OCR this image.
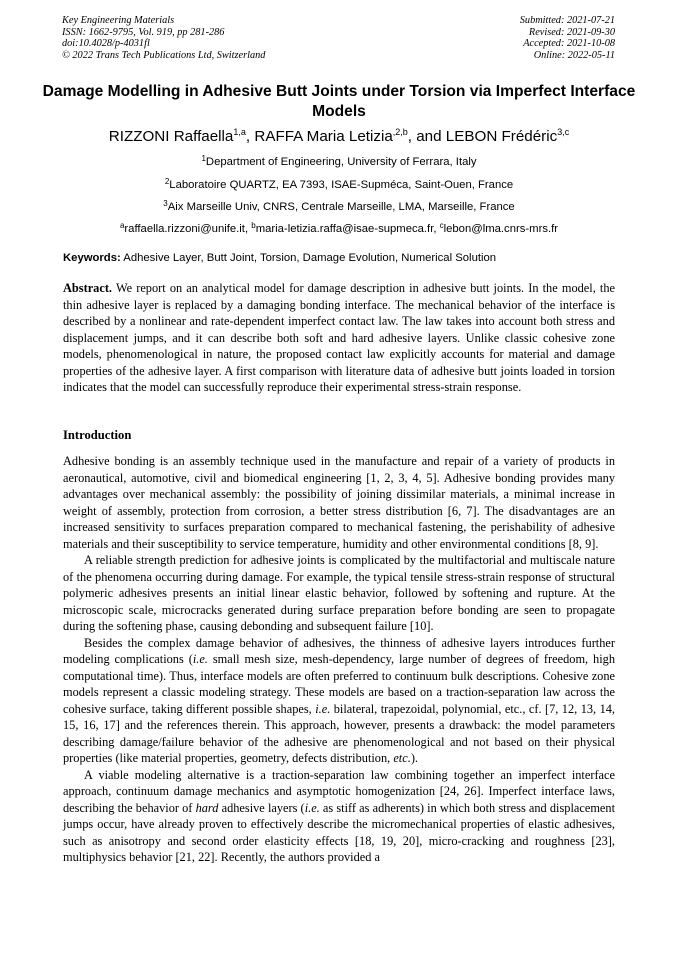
Key Engineering Materials
ISSN: 1662-9795, Vol. 919, pp 281-286
doi:10.4028/p-4031fl
© 2022 Trans Tech Publications Ltd, Switzerland
Submitted: 2021-07-21
Revised: 2021-09-30
Accepted: 2021-10-08
Online: 2022-05-11
Damage Modelling in Adhesive Butt Joints under Torsion via Imperfect Interface Models
RIZZONI Raffaella$^{1,a}$, RAFFA Maria Letizia$^{,2,b}$, and LEBON Frédéric$^{3,c}$
$^1$Department of Engineering, University of Ferrara, Italy
$^2$Laboratoire QUARTZ, EA 7393, ISAE-Supméca, Saint-Ouen, France
$^3$Aix Marseille Univ, CNRS, Centrale Marseille, LMA, Marseille, France
$^a$raffaella.rizzoni@unife.it, $^b$maria-letizia.raffa@isae-supmeca.fr, $^c$lebon@lma.cnrs-mrs.fr
Keywords: Adhesive Layer, Butt Joint, Torsion, Damage Evolution, Numerical Solution

Abstract. We report on an analytical model for damage description in adhesive butt joints. In the model, the thin adhesive layer is replaced by a damaging bonding interface. The mechanical behavior of the interface is described by a nonlinear and rate-dependent imperfect contact law. The law takes into account both stress and displacement jumps, and it can describe both soft and hard adhesive layers. Unlike classic cohesive zone models, phenomenological in nature, the proposed contact law explicitly accounts for material and damage properties of the adhesive layer. A first comparison with literature data of adhesive butt joints loaded in torsion indicates that the model can successfully reproduce their experimental stress-strain response.

Introduction

Adhesive bonding is an assembly technique used in the manufacture and repair of a variety of products in aeronautical, automotive, civil and biomedical engineering [1, 2, 3, 4, 5]. Adhesive bonding provides many advantages over mechanical assembly: the possibility of joining dissimilar materials, a minimal increase in weight of assembly, protection from corrosion, a better stress distribution [6, 7]. The disadvantages are an increased sensitivity to surfaces preparation compared to mechanical fastening, the perishability of adhesive materials and their susceptibility to service temperature, humidity and other environmental conditions [8, 9].

A reliable strength prediction for adhesive joints is complicated by the multifactorial and multiscale nature of the phenomena occurring during damage. For example, the typical tensile stress-strain response of structural polymeric adhesives presents an initial linear elastic behavior, followed by softening and rupture. At the microscopic scale, microcracks generated during surface preparation before bonding are seen to propagate during the softening phase, causing debonding and subsequent failure [10].

Besides the complex damage behavior of adhesives, the thinness of adhesive layers introduces further modeling complications (i.e. small mesh size, mesh-dependency, large number of degrees of freedom, high computational time). Thus, interface models are often preferred to continuum bulk descriptions. Cohesive zone models represent a classic modeling strategy. These models are based on a traction-separation law across the cohesive surface, taking different possible shapes, i.e. bilateral, trapezoidal, polynomial, etc., cf. [7, 12, 13, 14, 15, 16, 17] and the references therein. This approach, however, presents a drawback: the model parameters describing damage/failure behavior of the adhesive are phenomenological and not based on their physical properties (like material properties, geometry, defects distribution, etc.).

A viable modeling alternative is a traction-separation law combining together an imperfect interface approach, continuum damage mechanics and asymptotic homogenization [24, 26]. Imperfect interface laws, describing the behavior of hard adhesive layers (i.e. as stiff as adherents) in which both stress and displacement jumps occur, have already proven to effectively describe the micromechanical properties of elastic adhesives, such as anisotropy and second order elasticity effects [18, 19, 20], micro-cracking and roughness [23], multiphysics behavior [21, 22]. Recently, the authors provided a
